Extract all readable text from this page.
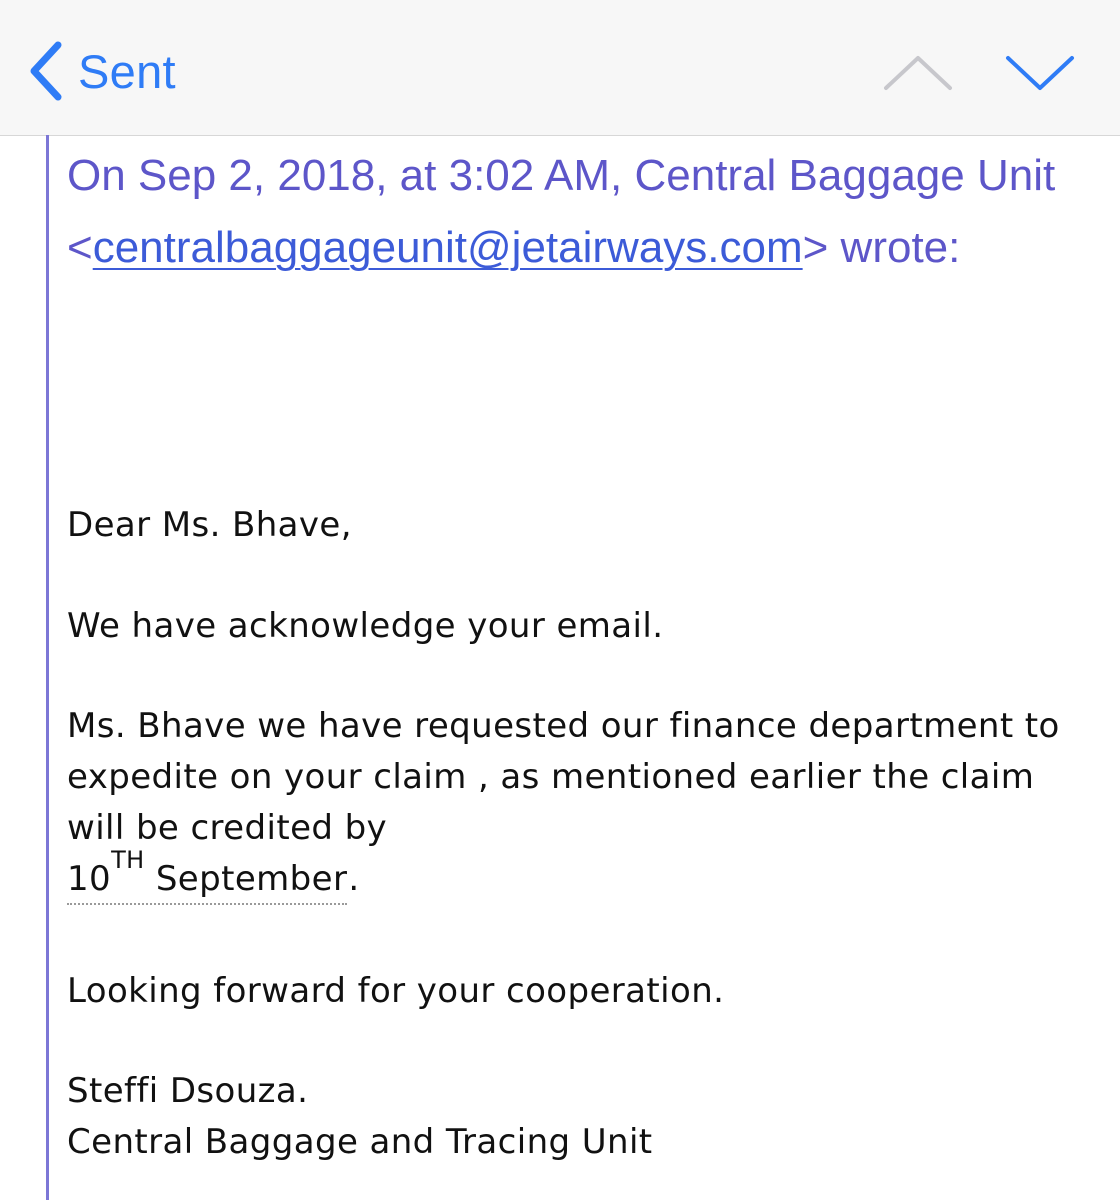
Sent
On Sep 2, 2018, at 3:02 AM, Central Baggage Unit <centralbaggageunit@jetairways.com> wrote:

Dear Ms. Bhave,

We have acknowledge your email.

Ms. Bhave we have requested our finance department to expedite on your claim , as mentioned earlier the claim will be credited by
10TH September.

Looking forward for your cooperation.

Steffi Dsouza.
Central Baggage and Tracing Unit
